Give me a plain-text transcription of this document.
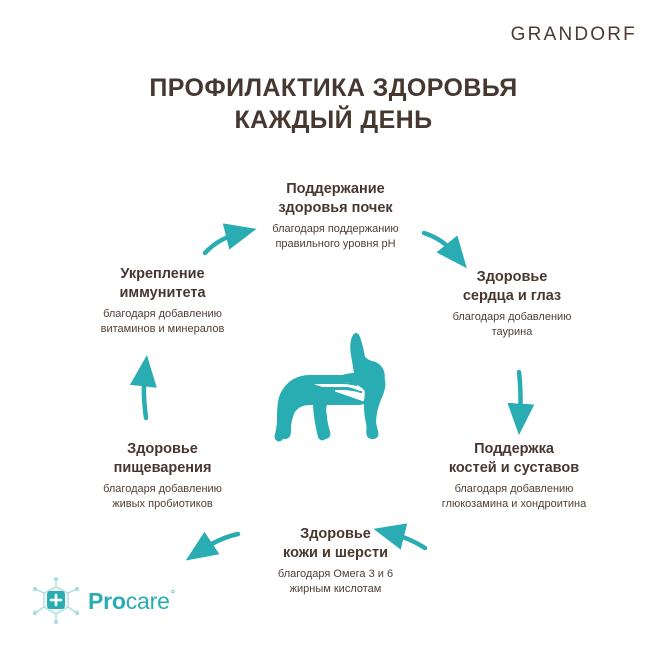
GRANDORF
ПРОФИЛАКТИКА ЗДОРОВЬЯ
КАЖДЫЙ ДЕНЬ
Поддержание
здоровья почек
благодаря поддержанию
правильного уровня pH
Здоровье
сердца и глаз
благодаря добавлению
таурина
Поддержка
костей и суставов
благодаря добавлению
глюкозамина и хондроитина
Здоровье
кожи и шерсти
благодаря Омега 3 и 6
жирным кислотам
Здоровье
пищеварения
благодаря добавлению
живых пробиотиков
Укрепление
иммунитета
благодаря добавлению
витаминов и минералов
Procare°
